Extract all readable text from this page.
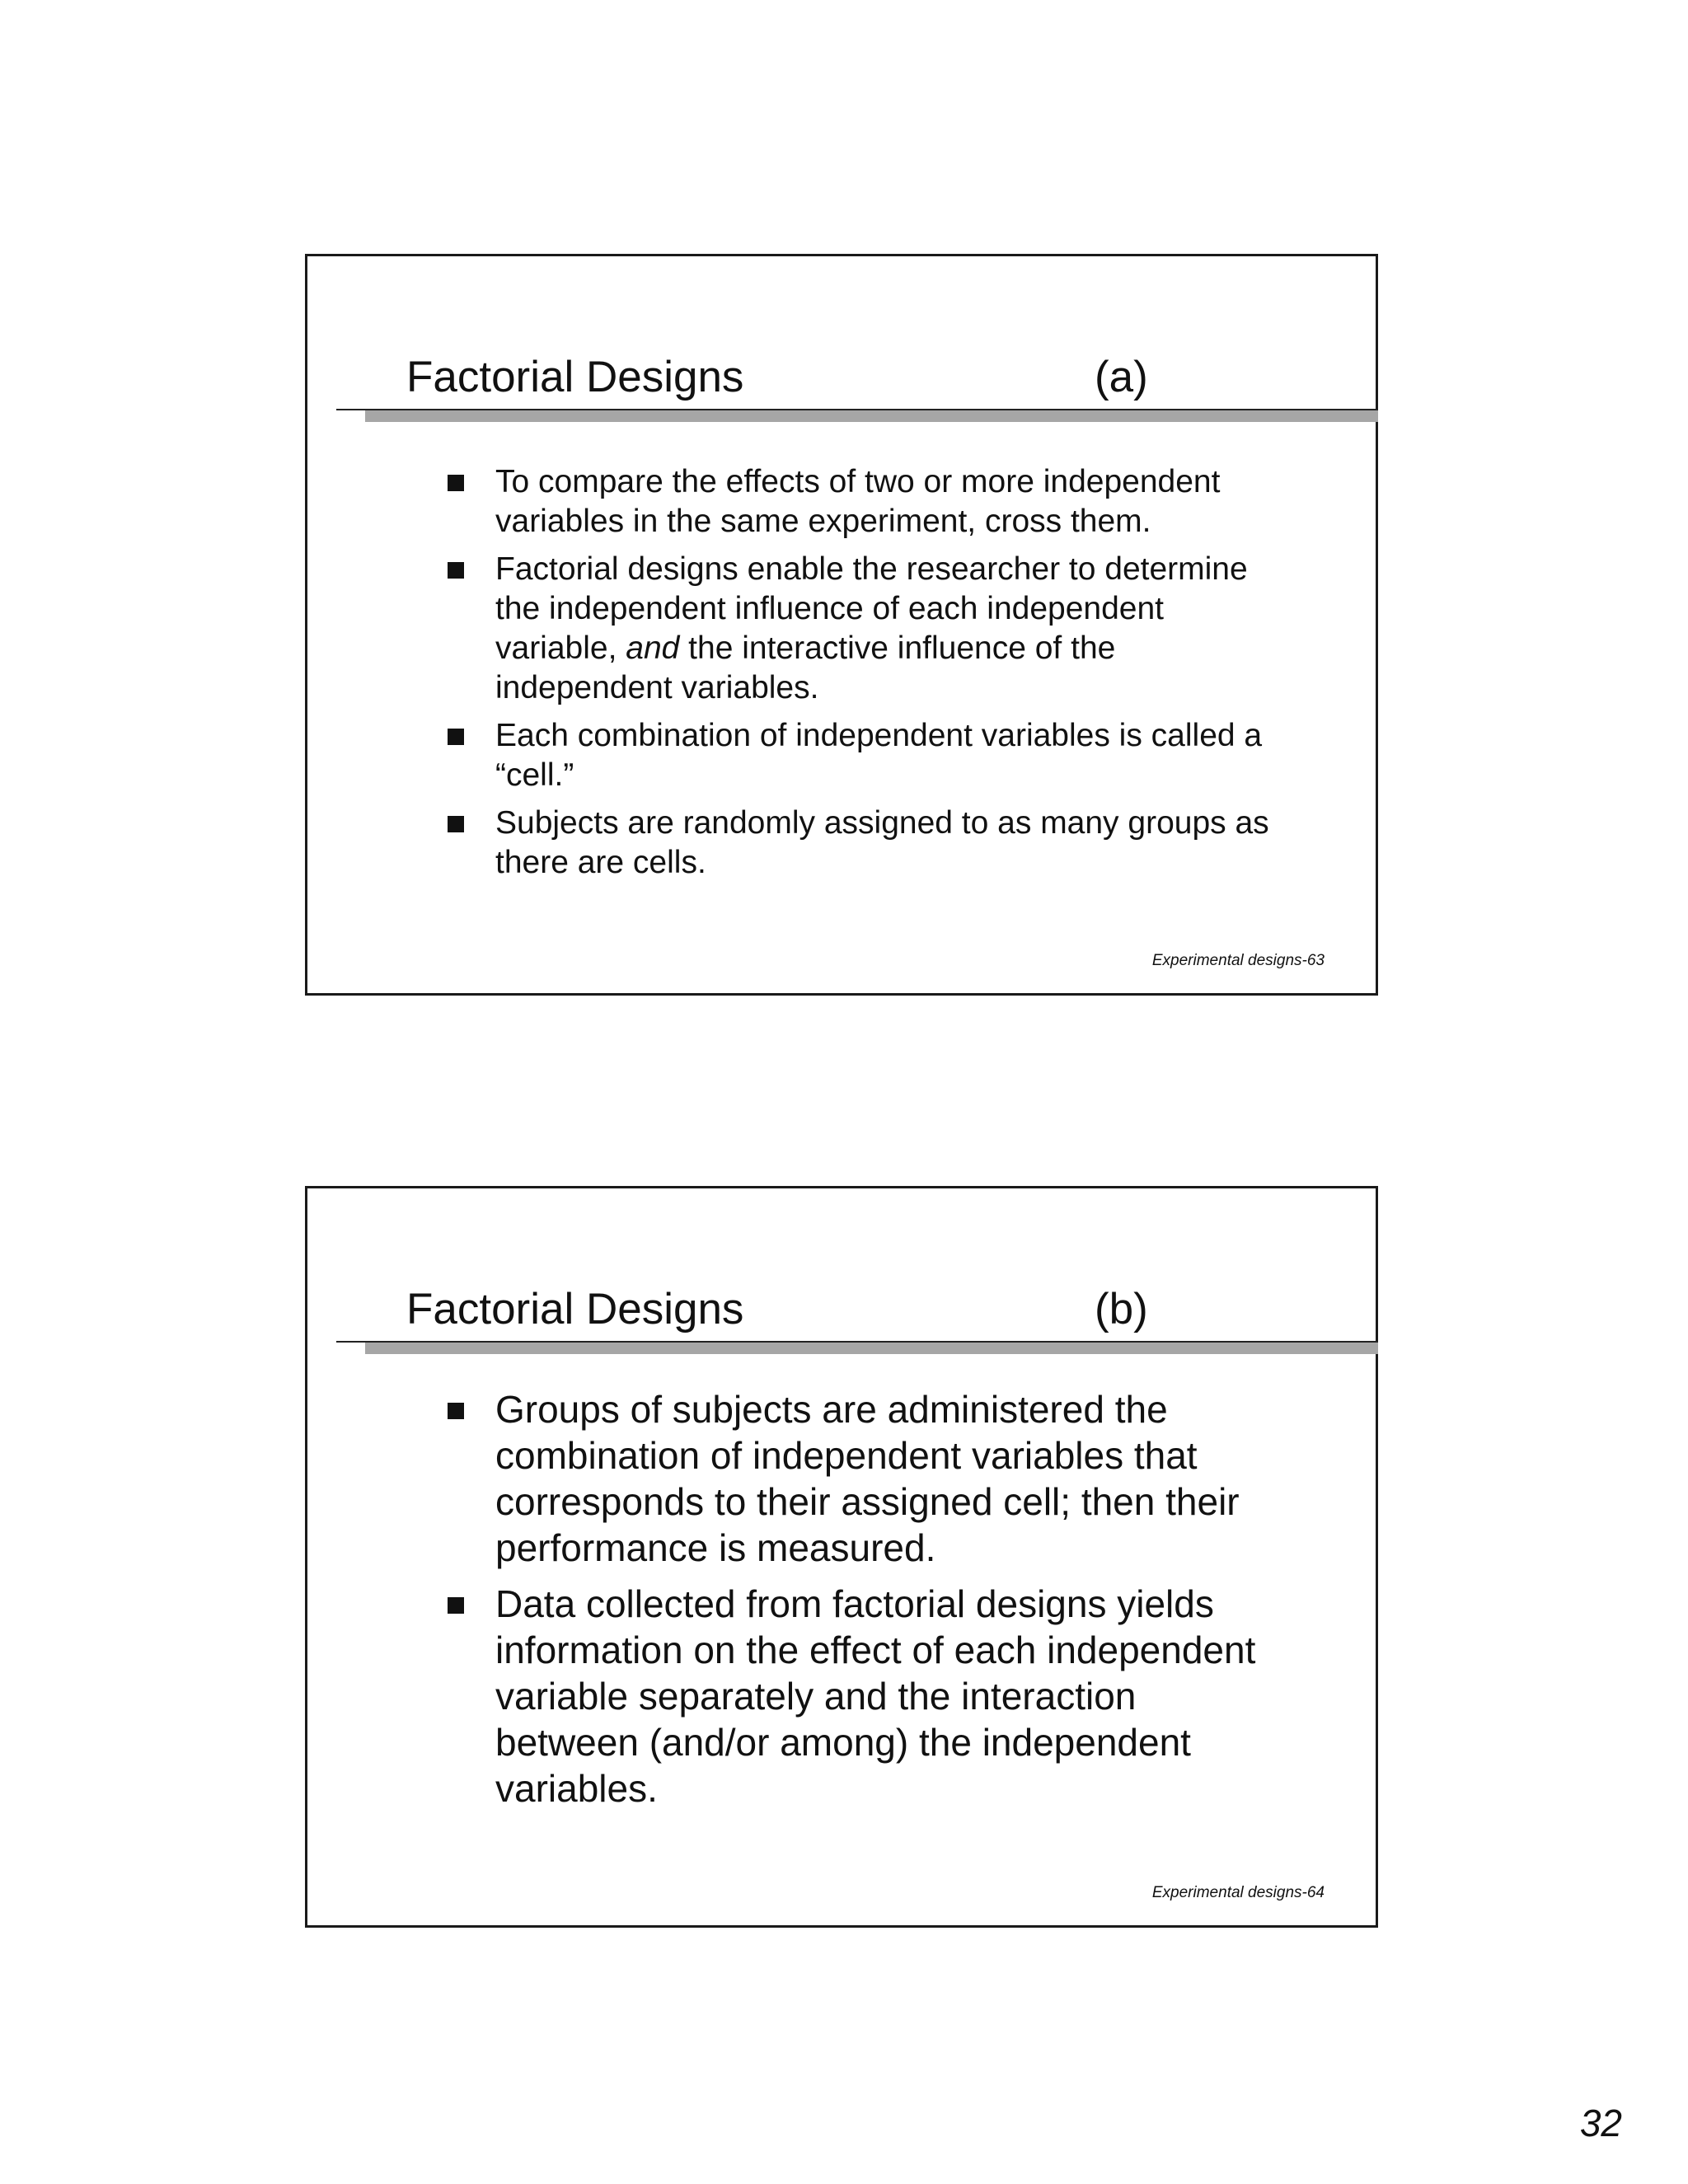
Factorial Designs	(a)
To compare the effects of two or more independent variables in the same experiment, cross them.
Factorial designs enable the researcher to determine the independent influence of each independent variable, and the interactive influence of the independent variables.
Each combination of independent variables is called a “cell.”
Subjects are randomly assigned to as many groups as there are cells.
Experimental designs-63
Factorial Designs	(b)
Groups of subjects are administered the combination of independent variables that corresponds to their assigned cell; then their performance is measured.
Data collected from factorial designs yields information on the effect of each independent variable separately and the interaction between (and/or among) the independent variables.
Experimental designs-64
32
